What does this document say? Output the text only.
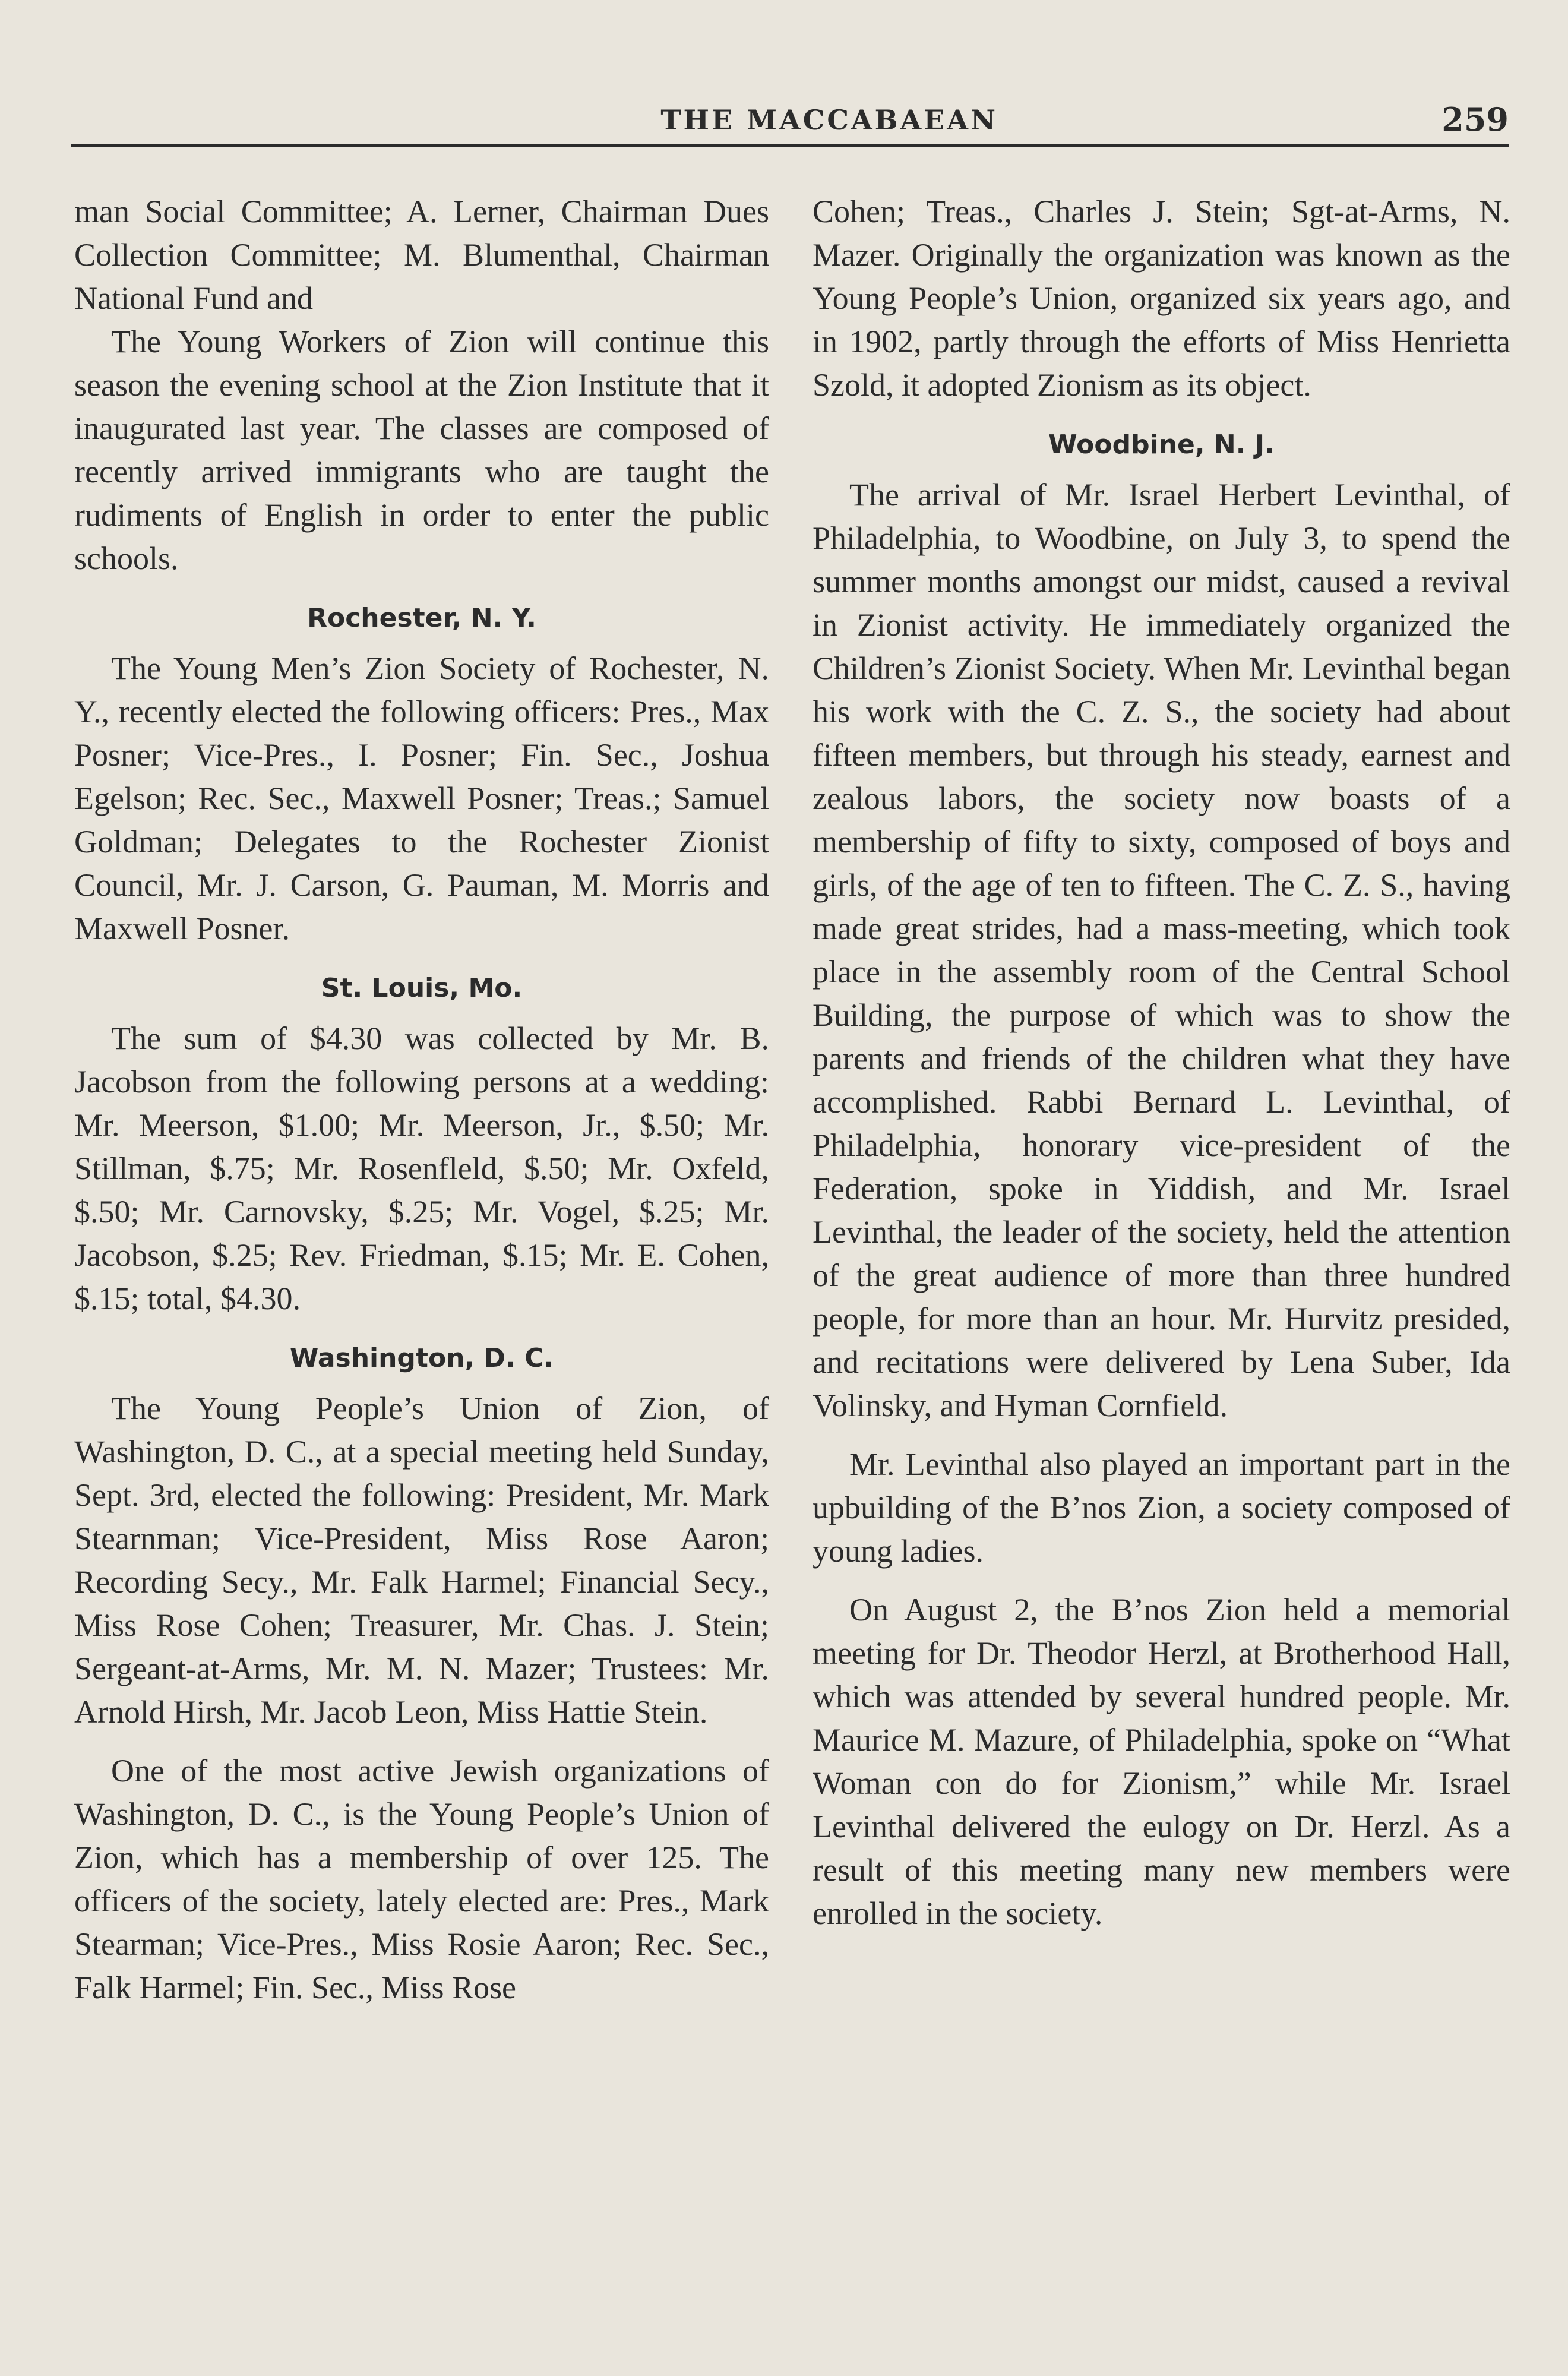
THE MACCABAEAN	259

man Social Committee; A. Lerner, Chairman Dues Collection Committee; M. Blumenthal, Chairman National Fund and

The Young Workers of Zion will continue this season the evening school at the Zion Institute that it inaugurated last year. The classes are composed of recently arrived immigrants who are taught the rudiments of English in order to enter the public schools.

Rochester, N. Y.

The Young Men’s Zion Society of Rochester, N. Y., recently elected the following officers: Pres., Max Posner; Vice-Pres., I. Posner; Fin. Sec., Joshua Egelson; Rec. Sec., Maxwell Posner; Treas.; Samuel Goldman; Delegates to the Rochester Zionist Council, Mr. J. Carson, G. Pauman, M. Morris and Maxwell Posner.

St. Louis, Mo.

The sum of $4.30 was collected by Mr. B. Jacobson from the following persons at a wedding: Mr. Meerson, $1.00; Mr. Meerson, Jr., $.50; Mr. Stillman, $.75; Mr. Rosenfleld, $.50; Mr. Oxfeld, $.50; Mr. Carnovsky, $.25; Mr. Vogel, $.25; Mr. Jacobson, $.25; Rev. Friedman, $.15; Mr. E. Cohen, $.15; total, $4.30.

Washington, D. C.

The Young People’s Union of Zion, of Washington, D. C., at a special meeting held Sunday, Sept. 3rd, elected the following: President, Mr. Mark Stearnman; Vice-President, Miss Rose Aaron; Recording Secy., Mr. Falk Harmel; Financial Secy., Miss Rose Cohen; Treasurer, Mr. Chas. J. Stein; Sergeant-at-Arms, Mr. M. N. Mazer; Trustees: Mr. Arnold Hirsh, Mr. Jacob Leon, Miss Hattie Stein.

One of the most active Jewish organizations of Washington, D. C., is the Young People’s Union of Zion, which has a membership of over 125. The officers of the society, lately elected are: Pres., Mark Stearman; Vice-Pres., Miss Rosie Aaron; Rec. Sec., Falk Harmel; Fin. Sec., Miss Rose

Cohen; Treas., Charles J. Stein; Sgt-at-Arms, N. Mazer. Originally the organization was known as the Young People’s Union, organized six years ago, and in 1902, partly through the efforts of Miss Henrietta Szold, it adopted Zionism as its object.

Woodbine, N. J.

The arrival of Mr. Israel Herbert Levinthal, of Philadelphia, to Woodbine, on July 3, to spend the summer months amongst our midst, caused a revival in Zionist activity. He immediately organized the Children’s Zionist Society. When Mr. Levinthal began his work with the C. Z. S., the society had about fifteen members, but through his steady, earnest and zealous labors, the society now boasts of a membership of fifty to sixty, composed of boys and girls, of the age of ten to fifteen. The C. Z. S., having made great strides, had a mass-meeting, which took place in the assembly room of the Central School Building, the purpose of which was to show the parents and friends of the children what they have accomplished. Rabbi Bernard L. Levinthal, of Philadelphia, honorary vice-president of the Federation, spoke in Yiddish, and Mr. Israel Levinthal, the leader of the society, held the attention of the great audience of more than three hundred people, for more than an hour. Mr. Hurvitz presided, and recitations were delivered by Lena Suber, Ida Volinsky, and Hyman Cornfield.

Mr. Levinthal also played an important part in the upbuilding of the B’nos Zion, a society composed of young ladies.

On August 2, the B’nos Zion held a memorial meeting for Dr. Theodor Herzl, at Brotherhood Hall, which was attended by several hundred people. Mr. Maurice M. Mazure, of Philadelphia, spoke on “What Woman con do for Zionism,” while Mr. Israel Levinthal delivered the eulogy on Dr. Herzl. As a result of this meeting many new members were enrolled in the society.
